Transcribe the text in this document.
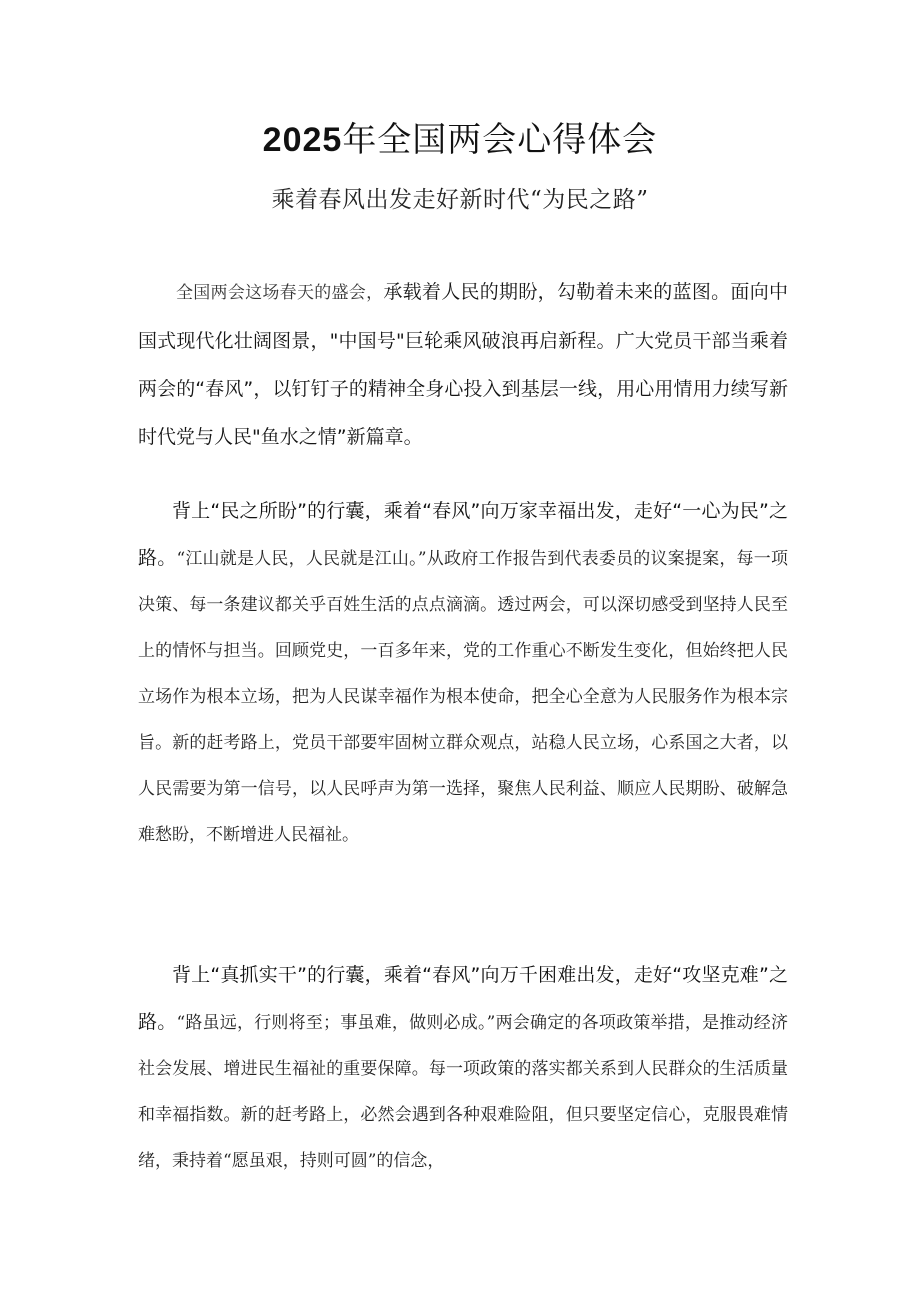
2025年全国两会心得体会
乘着春风出发走好新时代“为民之路”

全国两会这场春天的盛会，承载着人民的期盼，勾勒着未来的蓝图。面向中国式现代化壮阔图景，"中国号"巨轮乘风破浪再启新程。广大党员干部当乘着两会的“春风”，以钉钉子的精神全身心投入到基层一线，用心用情用力续写新时代党与人民"鱼水之情”新篇章。

背上“民之所盼”的行囊，乘着“春风”向万家幸福出发，走好“一心为民”之路。“江山就是人民，人民就是江山。”从政府工作报告到代表委员的议案提案，每一项决策、每一条建议都关乎百姓生活的点点滴滴。透过两会，可以深切感受到坚持人民至上的情怀与担当。回顾党史，一百多年来，党的工作重心不断发生变化，但始终把人民立场作为根本立场，把为人民谋幸福作为根本使命，把全心全意为人民服务作为根本宗旨。新的赶考路上，党员干部要牢固树立群众观点，站稳人民立场，心系国之大者，以人民需要为第一信号，以人民呼声为第一选择，聚焦人民利益、顺应人民期盼、破解急难愁盼，不断增进人民福祉。

背上“真抓实干”的行囊，乘着“春风”向万千困难出发，走好“攻坚克难”之路。“路虽远，行则将至；事虽难，做则必成。”两会确定的各项政策举措，是推动经济社会发展、增进民生福祉的重要保障。每一项政策的落实都关系到人民群众的生活质量和幸福指数。新的赶考路上，必然会遇到各种艰难险阻，但只要坚定信心，克服畏难情绪，秉持着“愿虽艰，持则可圆”的信念，
